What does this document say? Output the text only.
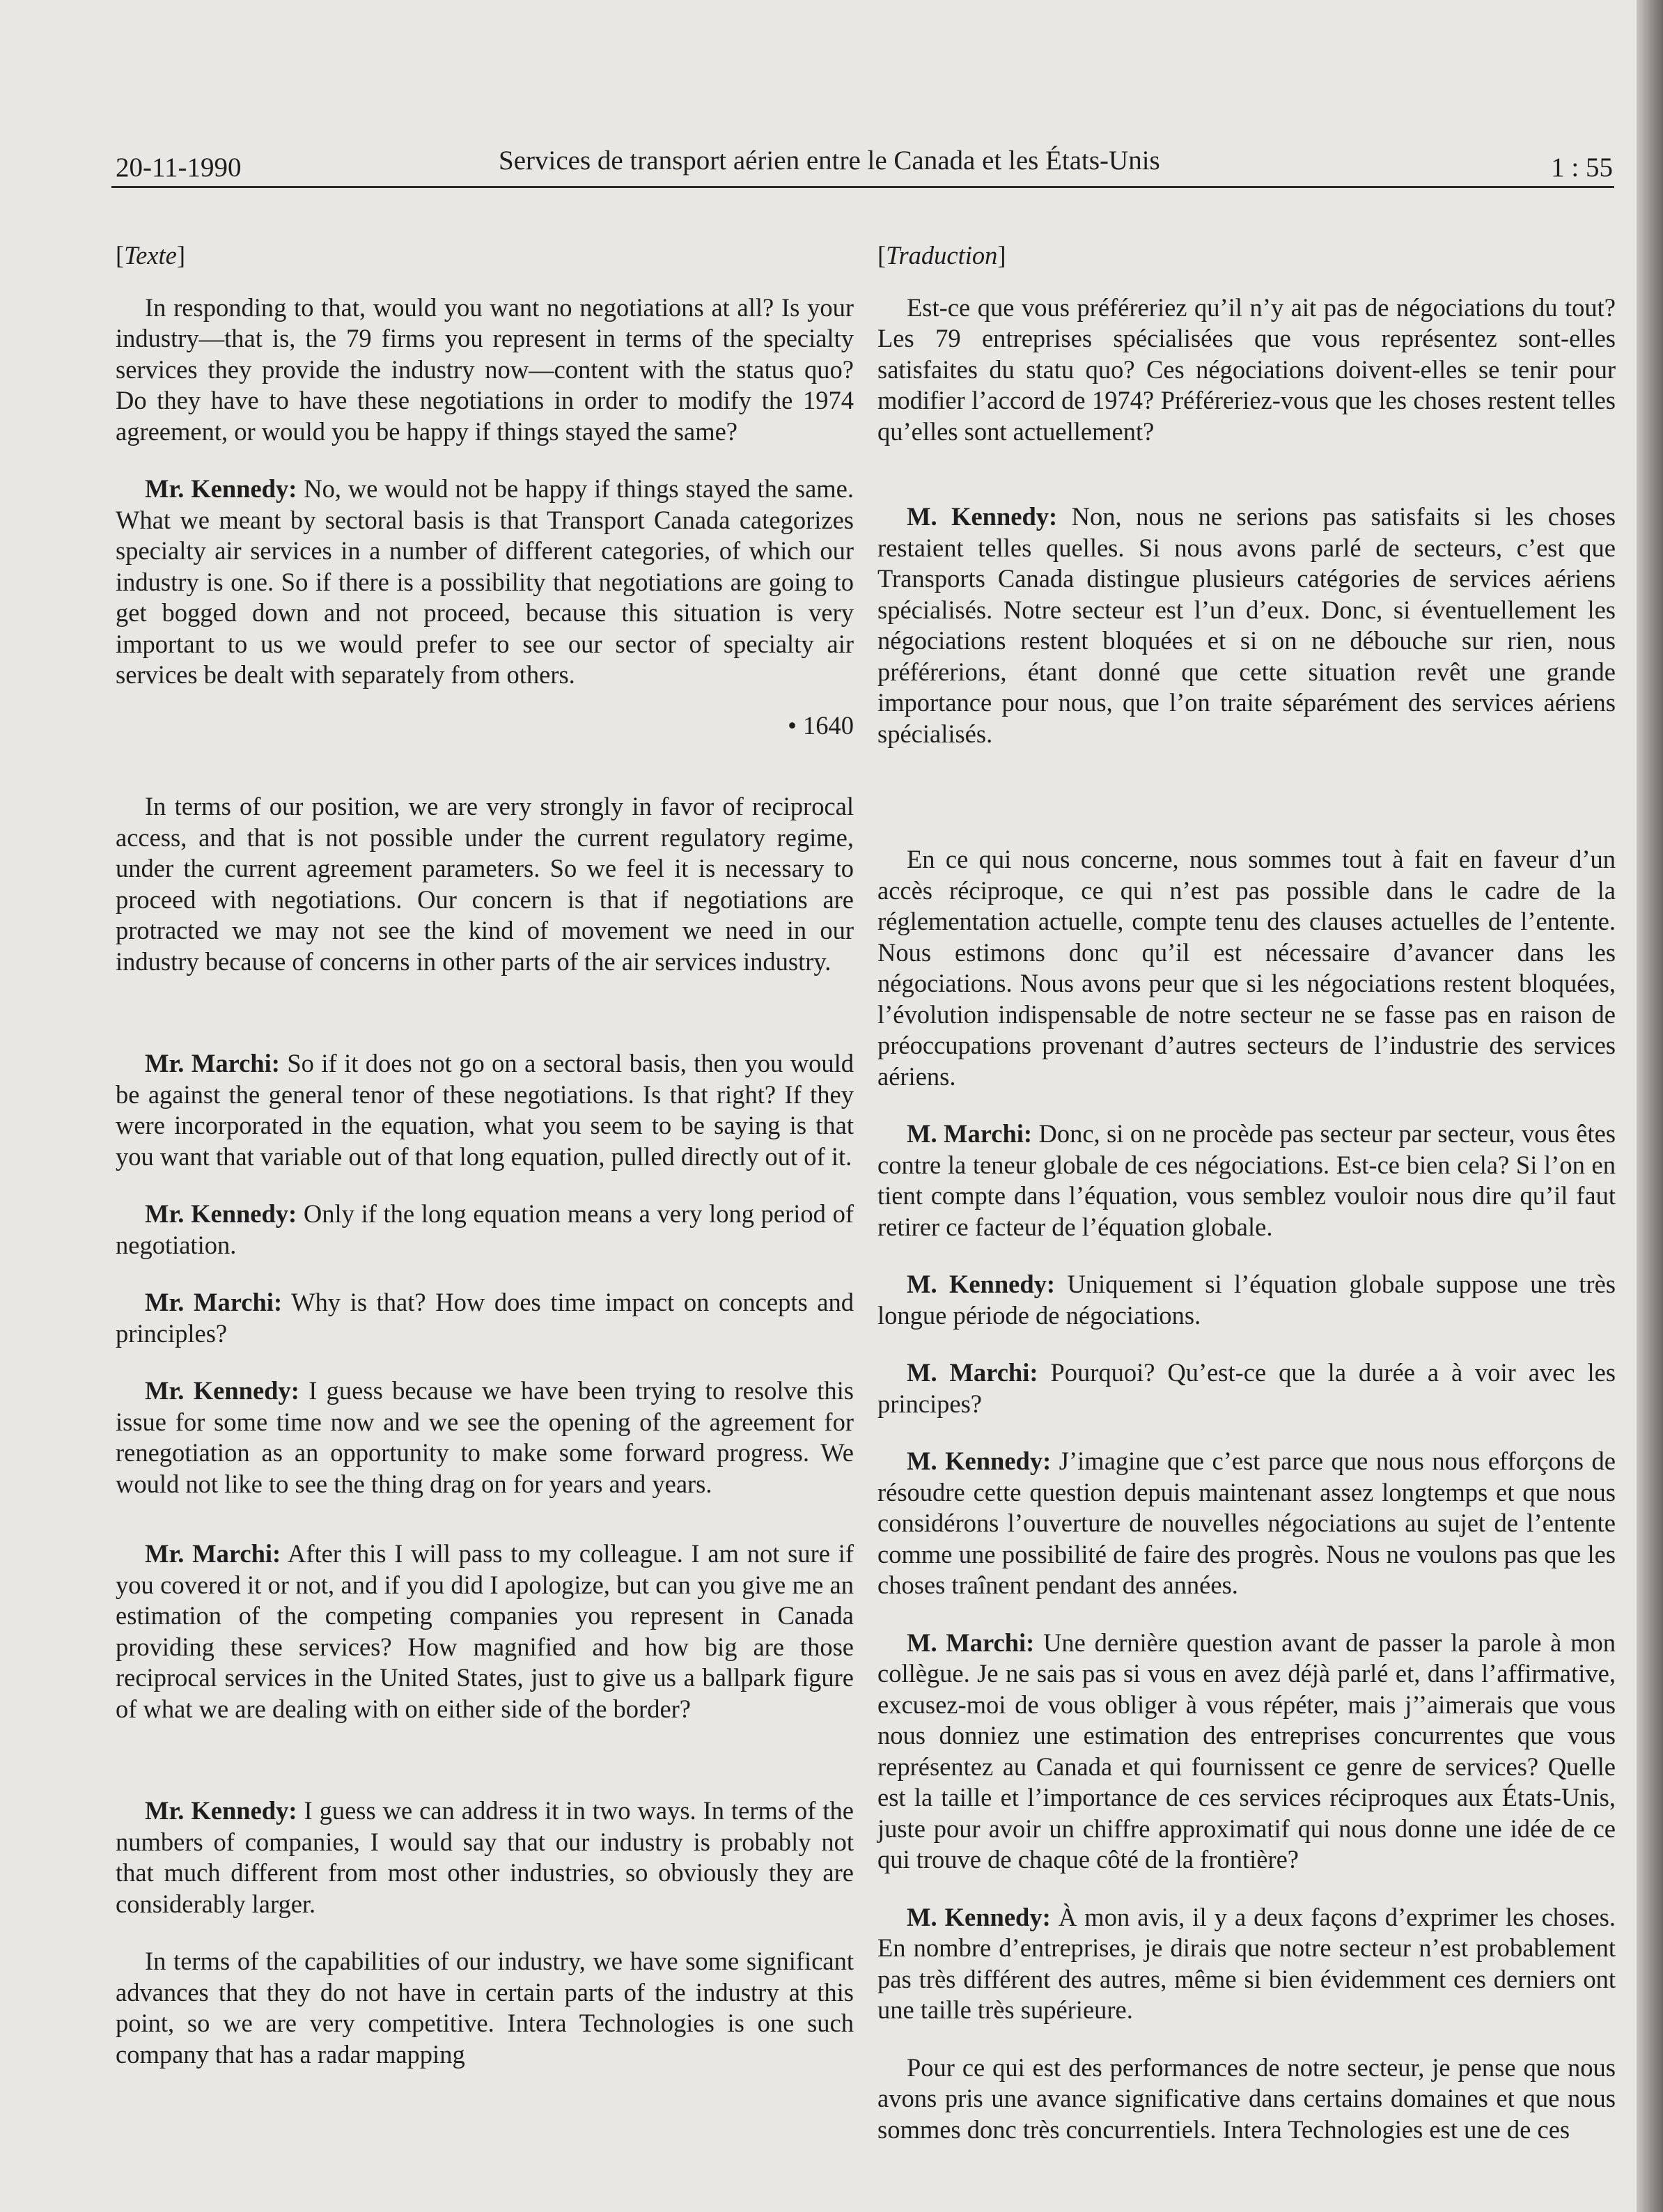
20-11-1990	Services de transport aérien entre le Canada et les États-Unis	1 : 55
[Texte]

In responding to that, would you want no negotiations at all? Is your industry—that is, the 79 firms you represent in terms of the specialty services they provide the industry now—content with the status quo? Do they have to have these negotiations in order to modify the 1974 agreement, or would you be happy if things stayed the same?

Mr. Kennedy: No, we would not be happy if things stayed the same. What we meant by sectoral basis is that Transport Canada categorizes specialty air services in a number of different categories, of which our industry is one. So if there is a possibility that negotiations are going to get bogged down and not proceed, because this situation is very important to us we would prefer to see our sector of specialty air services be dealt with separately from others.

• 1640

In terms of our position, we are very strongly in favor of reciprocal access, and that is not possible under the current regulatory regime, under the current agreement parameters. So we feel it is necessary to proceed with negotiations. Our concern is that if negotiations are protracted we may not see the kind of movement we need in our industry because of concerns in other parts of the air services industry.

Mr. Marchi: So if it does not go on a sectoral basis, then you would be against the general tenor of these negotiations. Is that right? If they were incorporated in the equation, what you seem to be saying is that you want that variable out of that long equation, pulled directly out of it.

Mr. Kennedy: Only if the long equation means a very long period of negotiation.

Mr. Marchi: Why is that? How does time impact on concepts and principles?

Mr. Kennedy: I guess because we have been trying to resolve this issue for some time now and we see the opening of the agreement for renegotiation as an opportunity to make some forward progress. We would not like to see the thing drag on for years and years.

Mr. Marchi: After this I will pass to my colleague. I am not sure if you covered it or not, and if you did I apologize, but can you give me an estimation of the competing companies you represent in Canada providing these services? How magnified and how big are those reciprocal services in the United States, just to give us a ballpark figure of what we are dealing with on either side of the border?

Mr. Kennedy: I guess we can address it in two ways. In terms of the numbers of companies, I would say that our industry is probably not that much different from most other industries, so obviously they are considerably larger.

In terms of the capabilities of our industry, we have some significant advances that they do not have in certain parts of the industry at this point, so we are very competitive. Intera Technologies is one such company that has a radar mapping

[Traduction]

Est-ce que vous préféreriez qu’il n’y ait pas de négociations du tout? Les 79 entreprises spécialisées que vous représentez sont-elles satisfaites du statu quo? Ces négociations doivent-elles se tenir pour modifier l’accord de 1974? Préféreriez-vous que les choses restent telles qu’elles sont actuellement?

M. Kennedy: Non, nous ne serions pas satisfaits si les choses restaient telles quelles. Si nous avons parlé de secteurs, c’est que Transports Canada distingue plusieurs catégories de services aériens spécialisés. Notre secteur est l’un d’eux. Donc, si éventuellement les négociations restent bloquées et si on ne débouche sur rien, nous préférerions, étant donné que cette situation revêt une grande importance pour nous, que l’on traite séparément des services aériens spécialisés.

En ce qui nous concerne, nous sommes tout à fait en faveur d’un accès réciproque, ce qui n’est pas possible dans le cadre de la réglementation actuelle, compte tenu des clauses actuelles de l’entente. Nous estimons donc qu’il est nécessaire d’avancer dans les négociations. Nous avons peur que si les négociations restent bloquées, l’évolution indispensable de notre secteur ne se fasse pas en raison de préoccupations provenant d’autres secteurs de l’industrie des services aériens.

M. Marchi: Donc, si on ne procède pas secteur par secteur, vous êtes contre la teneur globale de ces négociations. Est-ce bien cela? Si l’on en tient compte dans l’équation, vous semblez vouloir nous dire qu’il faut retirer ce facteur de l’équation globale.

M. Kennedy: Uniquement si l’équation globale suppose une très longue période de négociations.

M. Marchi: Pourquoi? Qu’est-ce que la durée a à voir avec les principes?

M. Kennedy: J’imagine que c’est parce que nous nous efforçons de résoudre cette question depuis maintenant assez longtemps et que nous considérons l’ouverture de nouvelles négociations au sujet de l’entente comme une possibilité de faire des progrès. Nous ne voulons pas que les choses traînent pendant des années.

M. Marchi: Une dernière question avant de passer la parole à mon collègue. Je ne sais pas si vous en avez déjà parlé et, dans l’affirmative, excusez-moi de vous obliger à vous répéter, mais j’’aimerais que vous nous donniez une estimation des entreprises concurrentes que vous représentez au Canada et qui fournissent ce genre de services? Quelle est la taille et l’importance de ces services réciproques aux États-Unis, juste pour avoir un chiffre approximatif qui nous donne une idée de ce qui trouve de chaque côté de la frontière?

M. Kennedy: À mon avis, il y a deux façons d’exprimer les choses. En nombre d’entreprises, je dirais que notre secteur n’est probablement pas très différent des autres, même si bien évidemment ces derniers ont une taille très supérieure.

Pour ce qui est des performances de notre secteur, je pense que nous avons pris une avance significative dans certains domaines et que nous sommes donc très concurrentiels. Intera Technologies est une de ces
